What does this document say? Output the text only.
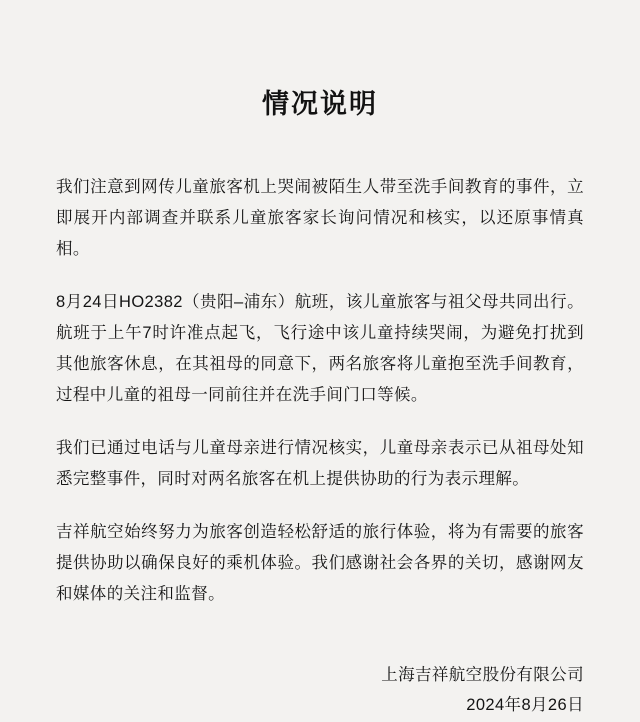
情况说明

我们注意到网传儿童旅客机上哭闹被陌生人带至洗手间教育的事件，立即展开内部调查并联系儿童旅客家长询问情况和核实，以还原事情真相。

8月24日HO2382（贵阳–浦东）航班，该儿童旅客与祖父母共同出行。航班于上午7时许准点起飞，飞行途中该儿童持续哭闹，为避免打扰到其他旅客休息，在其祖母的同意下，两名旅客将儿童抱至洗手间教育，过程中儿童的祖母一同前往并在洗手间门口等候。

我们已通过电话与儿童母亲进行情况核实，儿童母亲表示已从祖母处知悉完整事件，同时对两名旅客在机上提供协助的行为表示理解。

吉祥航空始终努力为旅客创造轻松舒适的旅行体验，将为有需要的旅客提供协助以确保良好的乘机体验。我们感谢社会各界的关切，感谢网友和媒体的关注和监督。

上海吉祥航空股份有限公司
2024年8月26日
